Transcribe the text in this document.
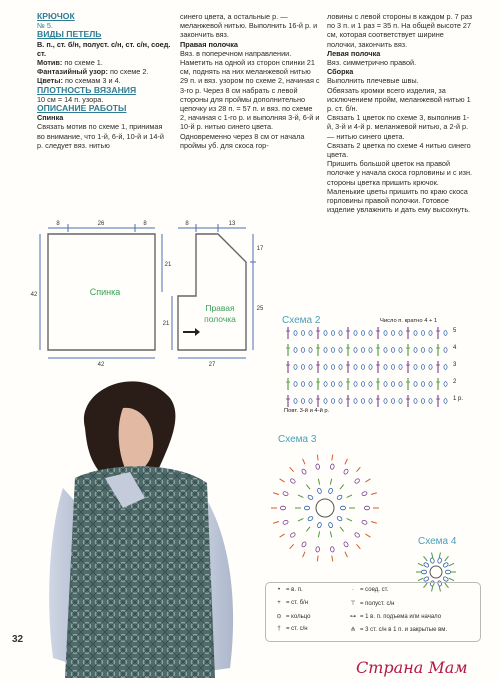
КРЮЧОК

№ 5.

ВИДЫ ПЕТЕЛЬ

В. п., ст. б/н, полуст. с/н, ст. с/н, соед. ст.

Мотив: по схеме 1.

Фантазийный узор: по схеме 2.

Цветы: по схемам 3 и 4.

ПЛОТНОСТЬ ВЯЗАНИЯ

10 см = 14 п. узора.

ОПИСАНИЕ РАБОТЫ

Спинка

Связать мотив по схеме 1, принимая во внимание, что 1-й, 6-й, 10-й и 14-й р. следует вяз. нитью

синего цвета, а остальные р. — меланжевой нитью. Выполнить 16-й р. и закончить вяз.

Правая полочка

Вяз. в поперечном направлении.

Наметить на одной из сторон спинки 21 см, поднять на них меланжевой нитью 29 п. и вяз. узором по схеме 2, начиная с 3-го р. Через 8 см набрать с левой стороны для проймы дополнительно цепочку из 28 п. = 57 п. и вяз. по схеме 2, начиная с 1-го р. и выполняя 3-й, 6-й и 10-й р. нитью синего цвета.

Одновременно через 8 см от начала проймы уб. для скоса гор-

ловины с левой стороны в каждом р. 7 раз по 3 п. и 1 раз = 35 п. На общей высоте 27 см, которая соответствует ширине полочки, закончить вяз.

Левая полочка

Вяз. симметрично правой.

Сборка

Выполнить плечевые швы.

Обвязать кромки всего изделия, за исключением пройм, меланжевой нитью 1 р. ст. б/н.

Связать 1 цветок по схеме 3, выполнив 1-й, 3-й и 4-й р. меланжевой нитью, а 2-й р. — нитью синего цвета.

Связать 2 цветка по схеме 4 нитью синего цвета.

Пришить большой цветок на правой полочке у начала скоса горловины и с изн. стороны цветка пришить крючок.

Маленькие цветы пришить по краю скоса горловины правой полочки. Готовое изделие увлажнить и дать ему высохнуть.

Спинка
8	26	8
42
21
42
Правая
полочка
8	13
17
25
21
27
Схема 2	Число п. кратно 4 + 1
Повт. 3-й и 4-й р.
5
4
3
2
1 р.
Схема 3
Схема 4
• = в. п.
+ = ст. б/н
⊙ = кольцо
† = ст. с/н
∙ = соед. ст.
⊤ = полуст. с/н
⊶ = 1 в. п. подъема или начало
⋔ = 3 ст. с/н в 1 п. и закрытые вм.
32
Страна Мам
